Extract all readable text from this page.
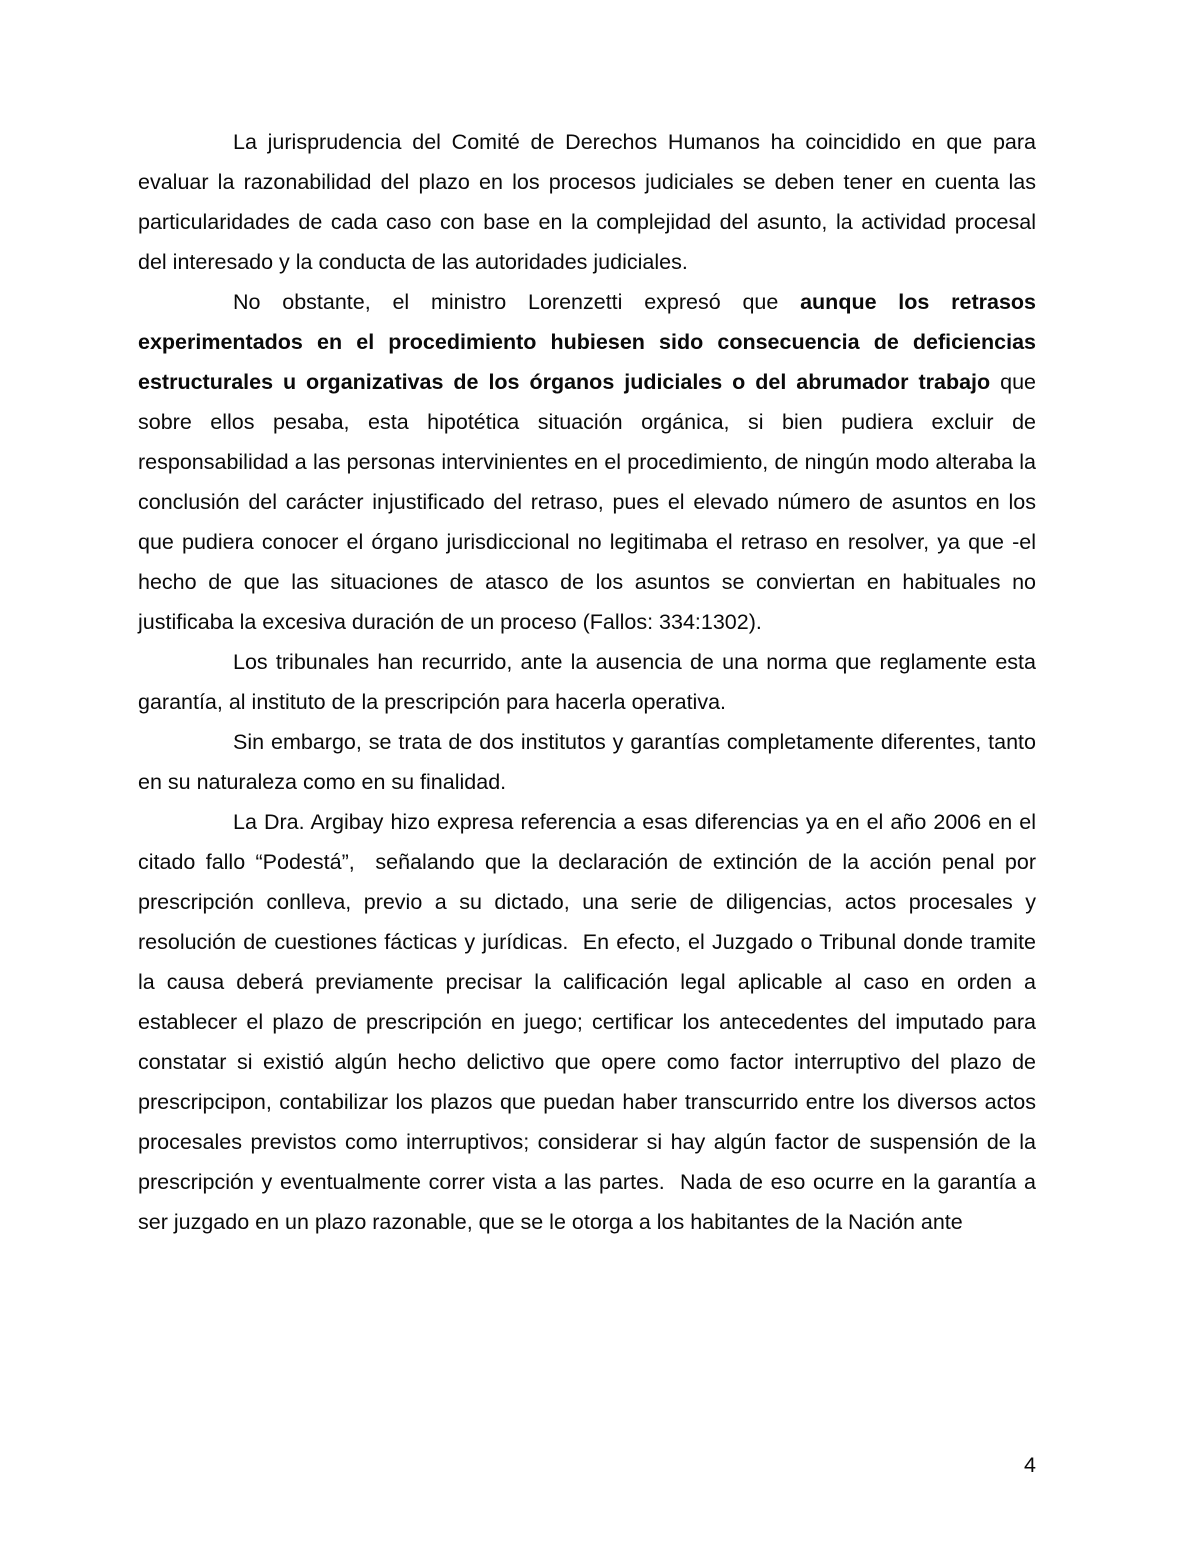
La jurisprudencia del Comité de Derechos Humanos ha coincidido en que para evaluar la razonabilidad del plazo en los procesos judiciales se deben tener en cuenta las particularidades de cada caso con base en la complejidad del asunto, la actividad procesal del interesado y la conducta de las autoridades judiciales.

No obstante, el ministro Lorenzetti expresó que aunque los retrasos experimentados en el procedimiento hubiesen sido consecuencia de deficiencias estructurales u organizativas de los órganos judiciales o del abrumador trabajo que sobre ellos pesaba, esta hipotética situación orgánica, si bien pudiera excluir de responsabilidad a las personas intervinientes en el procedimiento, de ningún modo alteraba la conclusión del carácter injustificado del retraso, pues el elevado número de asuntos en los que pudiera conocer el órgano jurisdiccional no legitimaba el retraso en resolver, ya que -el hecho de que las situaciones de atasco de los asuntos se conviertan en habituales no justificaba la excesiva duración de un proceso (Fallos: 334:1302).

Los tribunales han recurrido, ante la ausencia de una norma que reglamente esta garantía, al instituto de la prescripción para hacerla operativa.

Sin embargo, se trata de dos institutos y garantías completamente diferentes, tanto en su naturaleza como en su finalidad.

La Dra. Argibay hizo expresa referencia a esas diferencias ya en el año 2006 en el citado fallo “Podestá”,  señalando que la declaración de extinción de la acción penal por prescripción conlleva, previo a su dictado, una serie de diligencias, actos procesales y resolución de cuestiones fácticas y jurídicas.  En efecto, el Juzgado o Tribunal donde tramite la causa deberá previamente precisar la calificación legal aplicable al caso en orden a establecer el plazo de prescripción en juego; certificar los antecedentes del imputado para constatar si existió algún hecho delictivo que opere como factor interruptivo del plazo de prescripcipon, contabilizar los plazos que puedan haber transcurrido entre los diversos actos procesales previstos como interruptivos; considerar si hay algún factor de suspensión de la prescripción y eventualmente correr vista a las partes.  Nada de eso ocurre en la garantía a ser juzgado en un plazo razonable, que se le otorga a los habitantes de la Nación ante

4
